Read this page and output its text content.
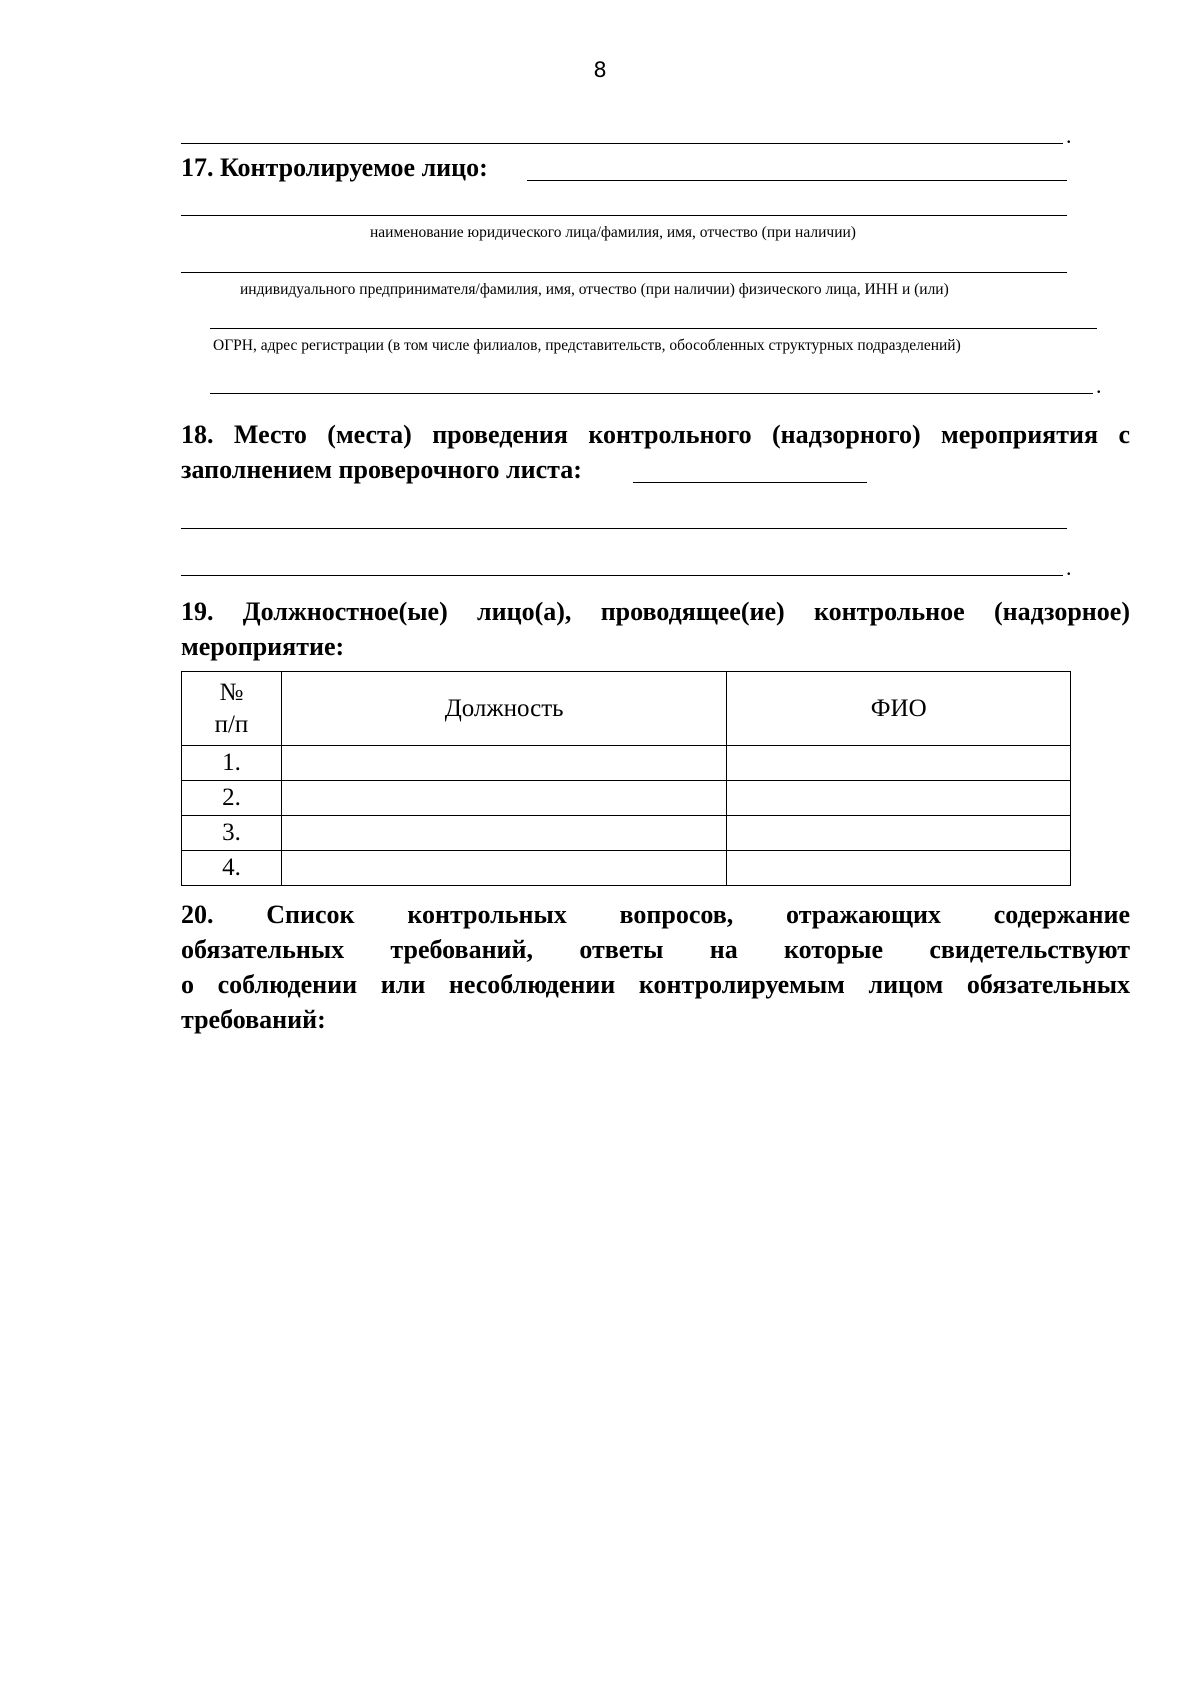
8
.
17. Контролируемое лицо:
наименование юридического лица/фамилия, имя, отчество (при наличии)
индивидуального предпринимателя/фамилия, имя, отчество (при наличии) физического лица, ИНН и (или)
ОГРН, адрес регистрации (в том числе филиалов, представительств, обособленных структурных подразделений)
.
18. Место (места) проведения контрольного (надзорного) мероприятия с
заполнением проверочного листа:
.
19. Должностное(ые) лицо(а), проводящее(ие) контрольное (надзорное)
мероприятие:
№
п/п	Должность	ФИО
1.		
2.		
3.		
4.		
20. Список контрольных вопросов, отражающих содержание
обязательных требований, ответы на которые свидетельствуют
о соблюдении или несоблюдении контролируемым лицом обязательных
требований:
